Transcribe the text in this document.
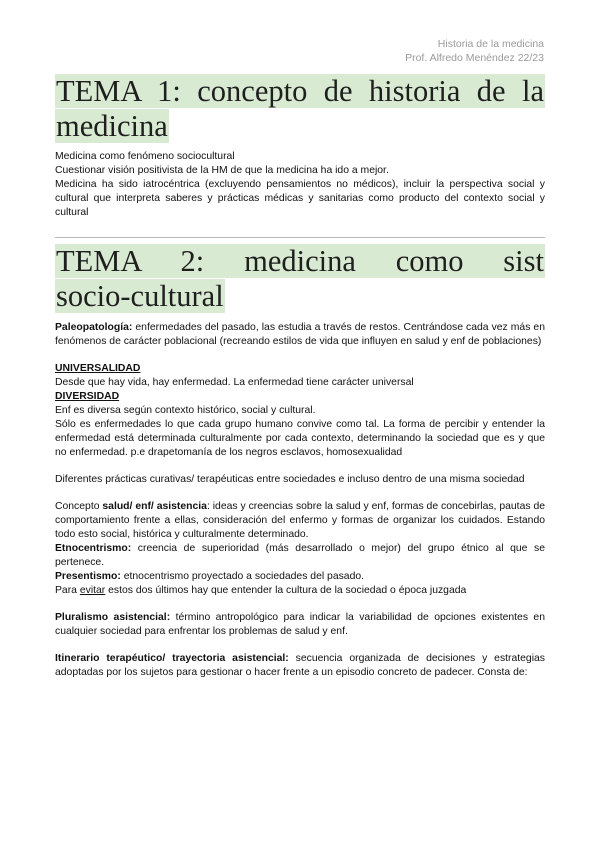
Historia de la medicina
Prof. Alfredo Menéndez 22/23
TEMA 1: concepto de historia de la
medicina

Medicina como fenómeno sociocultural

Cuestionar visión positivista de la HM de que la medicina ha ido a mejor.

Medicina ha sido iatrocéntrica (excluyendo pensamientos no médicos), incluir la perspectiva social y cultural que interpreta saberes y prácticas médicas y sanitarias como producto del contexto social y cultural

TEMA 2: medicina como sist
socio-cultural

Paleopatología: enfermedades del pasado, las estudia a través de restos. Centrándose cada vez más en fenómenos de carácter poblacional (recreando estilos de vida que influyen en salud y enf de poblaciones)

UNIVERSALIDAD

Desde que hay vida, hay enfermedad. La enfermedad tiene carácter universal

DIVERSIDAD

Enf es diversa según contexto histórico, social y cultural.

Sólo es enfermedades lo que cada grupo humano convive como tal. La forma de percibir y entender la enfermedad está determinada culturalmente por cada contexto, determinando la sociedad que es y que no enfermedad. p.e drapetomanía de los negros esclavos, homosexualidad

Diferentes prácticas curativas/ terapéuticas entre sociedades e incluso dentro de una misma sociedad

Concepto salud/ enf/ asistencia: ideas y creencias sobre la salud y enf, formas de concebirlas, pautas de comportamiento frente a ellas, consideración del enfermo y formas de organizar los cuidados. Estando todo esto social, histórica y culturalmente determinado.

Etnocentrismo: creencia de superioridad (más desarrollado o mejor) del grupo étnico al que se pertenece.

Presentismo: etnocentrismo proyectado a sociedades del pasado.

Para evitar estos dos últimos hay que entender la cultura de la sociedad o época juzgada

Pluralismo asistencial: término antropológico para indicar la variabilidad de opciones existentes en cualquier sociedad para enfrentar los problemas de salud y enf.

Itinerario terapéutico/ trayectoria asistencial: secuencia organizada de decisiones y estrategias adoptadas por los sujetos para gestionar o hacer frente a un episodio concreto de padecer. Consta de:
